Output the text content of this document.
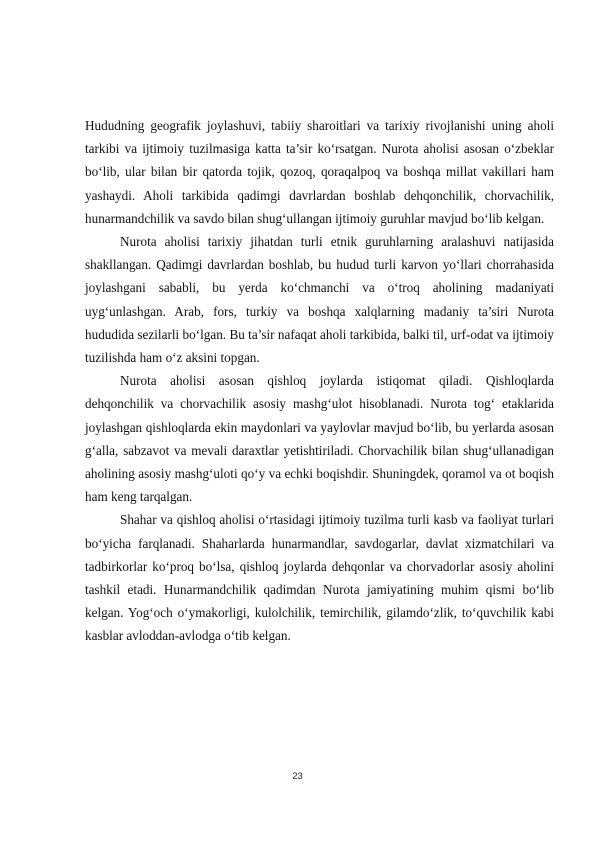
Hududning geografik joylashuvi, tabiiy sharoitlari va tarixiy rivojlanishi uning aholi tarkibi va ijtimoiy tuzilmasiga katta ta’sir ko‘rsatgan. Nurota aholisi asosan o‘zbeklar bo‘lib, ular bilan bir qatorda tojik, qozoq, qoraqalpoq va boshqa millat vakillari ham yashaydi. Aholi tarkibida qadimgi davrlardan boshlab dehqonchilik, chorvachilik, hunarmandchilik va savdo bilan shug‘ullangan ijtimoiy guruhlar mavjud bo‘lib kelgan.

Nurota aholisi tarixiy jihatdan turli etnik guruhlarning aralashuvi natijasida shakllangan. Qadimgi davrlardan boshlab, bu hudud turli karvon yo‘llari chorrahasida joylashgani sababli, bu yerda ko‘chmanchi va o‘troq aholining madaniyati uyg‘unlashgan. Arab, fors, turkiy va boshqa xalqlarning madaniy ta’siri Nurota hududida sezilarli bo‘lgan. Bu ta’sir nafaqat aholi tarkibida, balki til, urf-odat va ijtimoiy tuzilishda ham o‘z aksini topgan.

Nurota aholisi asosan qishloq joylarda istiqomat qiladi. Qishloqlarda dehqonchilik va chorvachilik asosiy mashg‘ulot hisoblanadi. Nurota tog‘ etaklarida joylashgan qishloqlarda ekin maydonlari va yaylovlar mavjud bo‘lib, bu yerlarda asosan g‘alla, sabzavot va mevali daraxtlar yetishtiriladi. Chorvachilik bilan shug‘ullanadigan aholining asosiy mashg‘uloti qo‘y va echki boqishdir. Shuningdek, qoramol va ot boqish ham keng tarqalgan.

Shahar va qishloq aholisi o‘rtasidagi ijtimoiy tuzilma turli kasb va faoliyat turlari bo‘yicha farqlanadi. Shaharlarda hunarmandlar, savdogarlar, davlat xizmatchilari va tadbirkorlar ko‘proq bo‘lsa, qishloq joylarda dehqonlar va chorvadorlar asosiy aholini tashkil etadi. Hunarmandchilik qadimdan Nurota jamiyatining muhim qismi bo‘lib kelgan. Yog‘och o‘ymakorligi, kulolchilik, temirchilik, gilamdo‘zlik, to‘quvchilik kabi kasblar avloddan-avlodga o‘tib kelgan.

23
